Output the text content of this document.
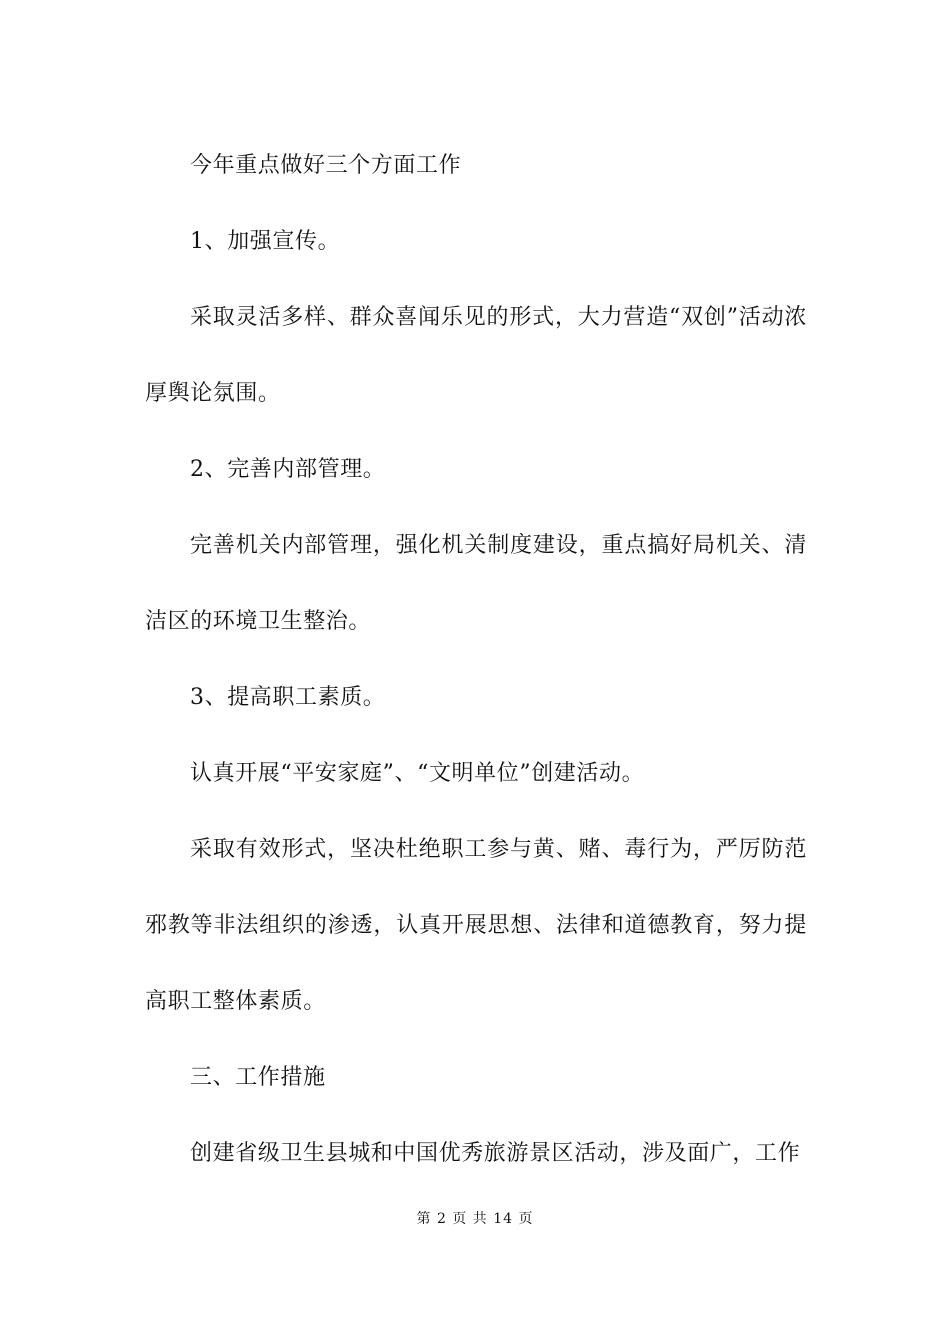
今年重点做好三个方面工作

1、加强宣传。

采取灵活多样、群众喜闻乐见的形式，大力营造“双创”活动浓厚舆论氛围。

2、完善内部管理。

完善机关内部管理，强化机关制度建设，重点搞好局机关、清洁区的环境卫生整治。

3、提高职工素质。

认真开展“平安家庭”、“文明单位”创建活动。

采取有效形式，坚决杜绝职工参与黄、赌、毒行为，严厉防范邪教等非法组织的渗透，认真开展思想、法律和道德教育，努力提高职工整体素质。

三、工作措施

创建省级卫生县城和中国优秀旅游景区活动，涉及面广，工作

第 2 页 共 14 页
